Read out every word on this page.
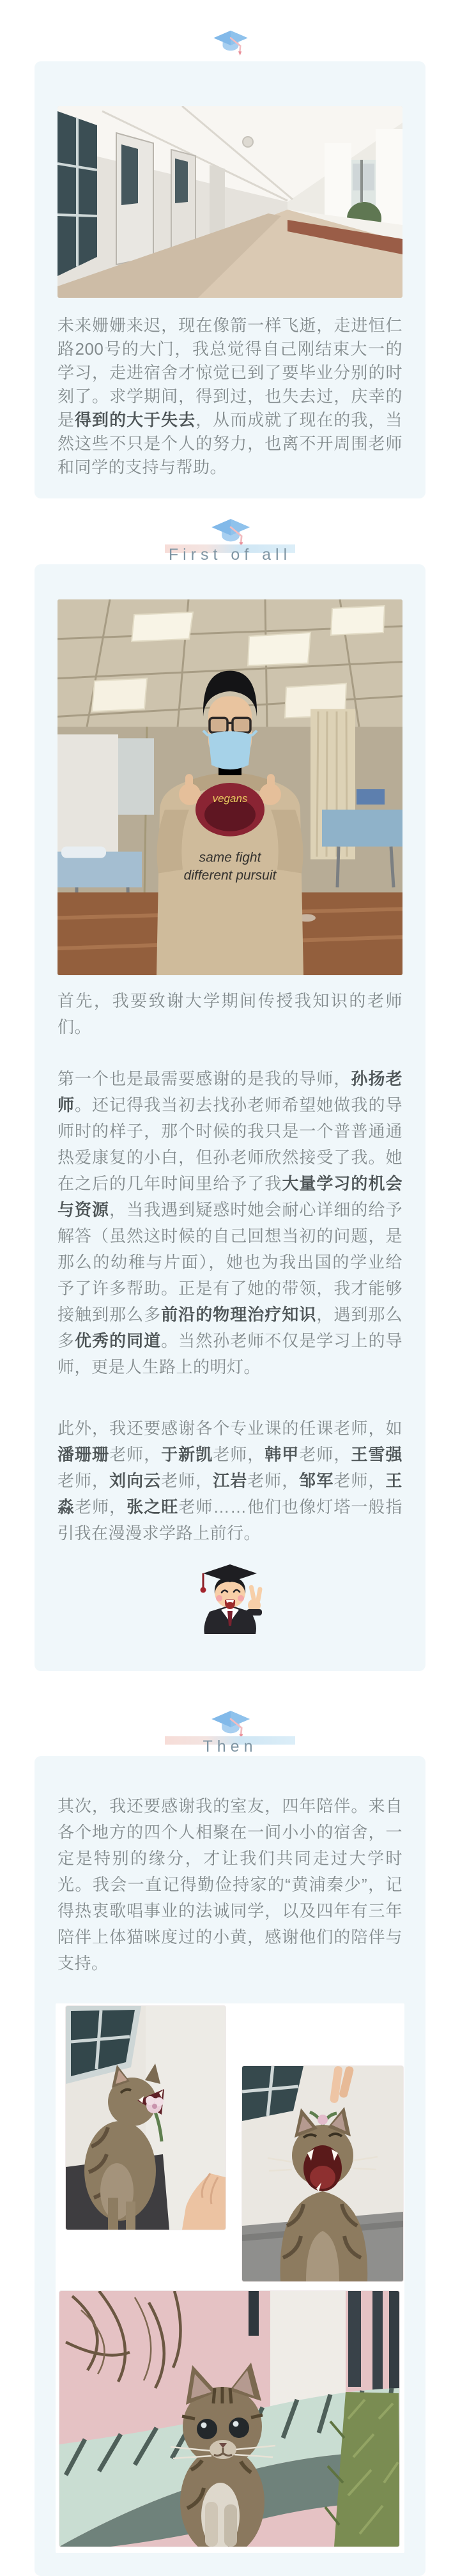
未来姗姗来迟，现在像箭一样飞逝，走进恒仁路200号的大门，我总觉得自己刚结束大一的学习，走进宿舍才惊觉已到了要毕业分别的时刻了。求学期间，得到过，也失去过，庆幸的是得到的大于失去，从而成就了现在的我，当然这些不只是个人的努力，也离不开周围老师和同学的支持与帮助。

First of all
vegans
same fight
different pursuit

首先，我要致谢大学期间传授我知识的老师们。

第一个也是最需要感谢的是我的导师，孙扬老师。还记得我当初去找孙老师希望她做我的导师时的样子，那个时候的我只是一个普普通通热爱康复的小白，但孙老师欣然接受了我。她在之后的几年时间里给予了我大量学习的机会与资源，当我遇到疑惑时她会耐心详细的给予解答（虽然这时候的自己回想当初的问题，是那么的幼稚与片面），她也为我出国的学业给予了许多帮助。正是有了她的带领，我才能够接触到那么多前沿的物理治疗知识，遇到那么多优秀的同道。当然孙老师不仅是学习上的导师，更是人生路上的明灯。

此外，我还要感谢各个专业课的任课老师，如潘珊珊老师，于新凯老师，韩甲老师，王雪强老师，刘向云老师，江岩老师，邹军老师，王淼老师，张之旺老师……他们也像灯塔一般指引我在漫漫求学路上前行。

Then

其次，我还要感谢我的室友，四年陪伴。来自各个地方的四个人相聚在一间小小的宿舍，一定是特别的缘分，才让我们共同走过大学时光。我会一直记得勤俭持家的“黄浦秦少”，记得热衷歌唱事业的法诚同学，以及四年有三年陪伴上体猫咪度过的小黄，感谢他们的陪伴与支持。
